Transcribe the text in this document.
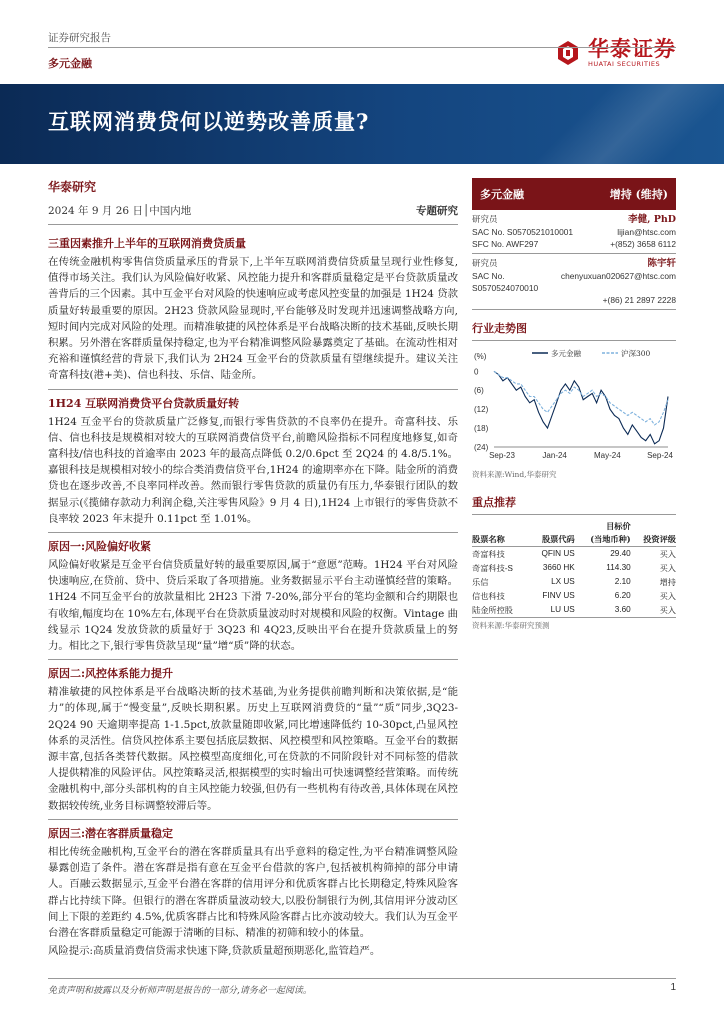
证券研究报告	华泰证券
HUATAI SECURITIES
多元金融
互联网消费贷何以逆势改善质量?
华泰研究
2024 年 9 月 26 日│中国内地	专题研究
三重因素推升上半年的互联网消费贷质量
在传统金融机构零售信贷质量承压的背景下,上半年互联网消费信贷质量呈现行业性修复,值得市场关注。我们认为风险偏好收紧、风控能力提升和客群质量稳定是平台贷款质量改善背后的三个因素。其中互金平台对风险的快速响应或考虑风控变量的加强是 1H24 贷款质量好转最重要的原因。2H23 贷款风险显现时,平台能够及时发现并迅速调整战略方向,短时间内完成对风险的处理。而精准敏捷的风控体系是平台战略决断的技术基础,反映长期积累。另外潜在客群质量保持稳定,也为平台精准调整风险暴露奠定了基础。在流动性相对充裕和谨慎经营的背景下,我们认为 2H24 互金平台的贷款质量有望继续提升。建议关注奇富科技(港+美)、信也科技、乐信、陆金所。
1H24 互联网消费贷平台贷款质量好转
1H24 互金平台的贷款质量广泛修复,而银行零售贷款的不良率仍在提升。奇富科技、乐信、信也科技是规模相对较大的互联网消费信贷平台,前瞻风险指标不同程度地修复,如奇富科技/信也科技的首逾率由 2023 年的最高点降低 0.2/0.6pct 至 2Q24 的 4.8/5.1%。嘉银科技是规模相对较小的综合类消费信贷平台,1H24 的逾期率亦在下降。陆金所的消费贷也在逐步改善,不良率同样改善。然而银行零售贷款的质量仍有压力,华泰银行团队的数据显示(《揽储存款动力利润企稳,关注零售风险》9 月 4 日),1H24 上市银行的零售贷款不良率较 2023 年末提升 0.11pct 至 1.01%。
原因一:风险偏好收紧
风险偏好收紧是互金平台信贷质量好转的最重要原因,属于“意愿”范畴。1H24 平台对风险快速响应,在贷前、贷中、贷后采取了各项措施。业务数据显示平台主动谨慎经营的策略。1H24 不同互金平台的放款量相比 2H23 下滑 7-20%,部分平台的笔均金额和合约期限也有收缩,幅度均在 10%左右,体现平台在贷款质量波动时对规模和风险的权衡。Vintage 曲线显示 1Q24 发放贷款的质量好于 3Q23 和 4Q23,反映出平台在提升贷款质量上的努力。相比之下,银行零售贷款呈现“量”增“质”降的状态。
原因二:风控体系能力提升
精准敏捷的风控体系是平台战略决断的技术基础,为业务提供前瞻判断和决策依据,是“能力”的体现,属于“慢变量”,反映长期积累。历史上互联网消费贷的“量”“质”同步,3Q23-2Q24 90 天逾期率提高 1-1.5pct,放款量随即收紧,同比增速降低约 10-30pct,凸显风控体系的灵活性。信贷风控体系主要包括底层数据、风控模型和风控策略。互金平台的数据源丰富,包括各类替代数据。风控模型高度细化,可在贷款的不同阶段针对不同标签的借款人提供精准的风险评估。风控策略灵活,根据模型的实时输出可快速调整经营策略。而传统金融机构中,部分头部机构的自主风控能力较强,但仍有一些机构有待改善,具体体现在风控数据较传统,业务目标调整较滞后等。
原因三:潜在客群质量稳定
相比传统金融机构,互金平台的潜在客群质量具有出乎意料的稳定性,为平台精准调整风险暴露创造了条件。潜在客群是指有意在互金平台借款的客户,包括被机构筛掉的部分申请人。百融云数据显示,互金平台潜在客群的信用评分和优质客群占比长期稳定,特殊风险客群占比持续下降。但银行的潜在客群质量波动较大,以股份制银行为例,其信用评分波动区间上下限的差距约 4.5%,优质客群占比和特殊风险客群占比亦波动较大。我们认为互金平台潜在客群质量稳定可能源于清晰的目标、精准的初筛和较小的体量。
风险提示:高质量消费信贷需求快速下降,贷款质量超预期恶化,监管趋严。
多元金融	增持 (维持)
研究员	李健, PhD
SAC No. S0570521010001	lijian@htsc.com
SFC No. AWF297	+(852) 3658 6112
研究员	陈宇轩
SAC No. S0570524070010
chenyuxuan020627@htsc.com
+(86) 21 2897 2228
行业走势图
(%)
0
(6)
(12)
(18)
(24)
Sep-23	Jan-24	May-24	Sep-24
多元金融	沪深300
资料来源:Wind,华泰研究
重点推荐
		目标价	
股票名称	股票代码	(当地币种)	投资评级
奇富科技	QFIN US	29.40	买入
奇富科技-S	3660 HK	114.30	买入
乐信	LX US	2.10	增持
信也科技	FINV US	6.20	买入
陆金所控股	LU US	3.60	买入
资料来源:华泰研究预测
免责声明和披露以及分析师声明是报告的一部分,请务必一起阅读。	1
